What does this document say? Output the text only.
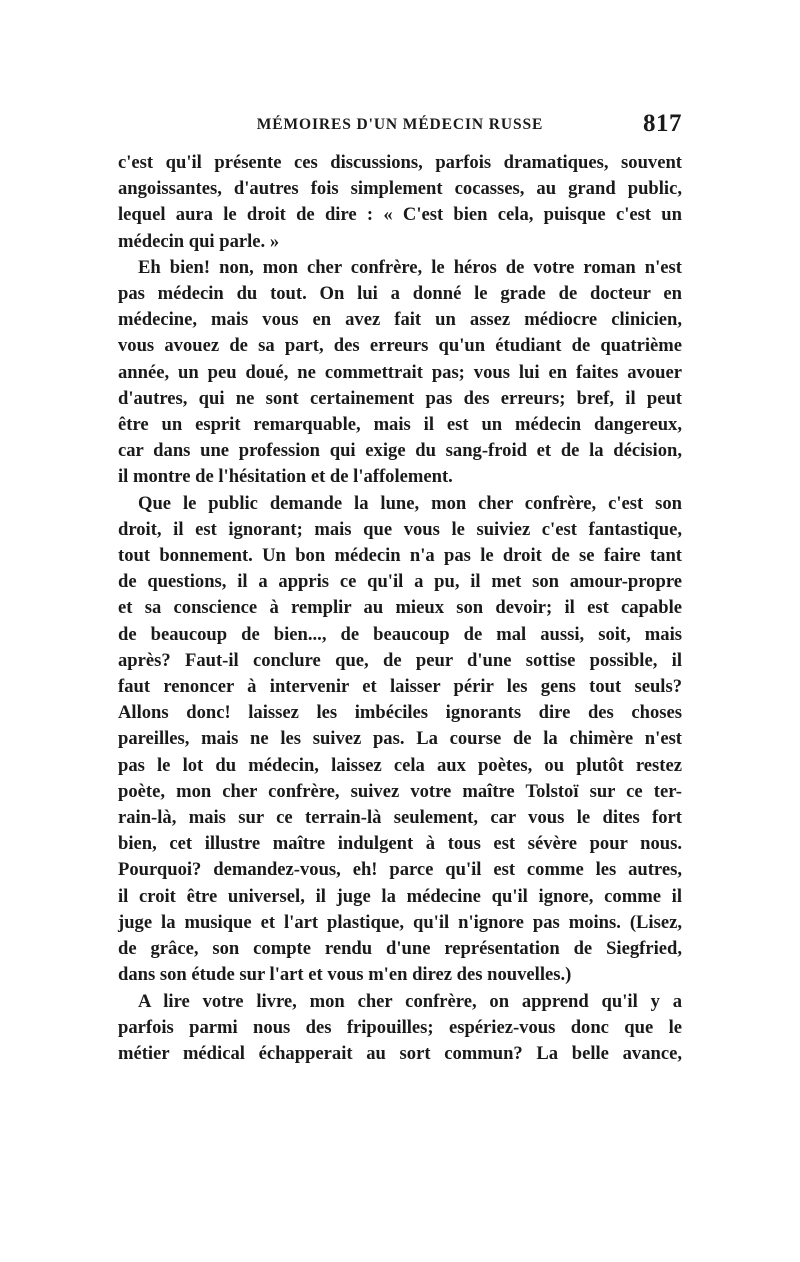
MÉMOIRES D'UN MÉDECIN RUSSE	817
c'est qu'il présente ces discussions, parfois dramatiques, souvent
angoissantes, d'autres fois simplement cocasses, au grand public,
lequel aura le droit de dire : « C'est bien cela, puisque c'est un
médecin qui parle. »
Eh bien! non, mon cher confrère, le héros de votre roman n'est
pas médecin du tout. On lui a donné le grade de docteur en
médecine, mais vous en avez fait un assez médiocre clinicien,
vous avouez de sa part, des erreurs qu'un étudiant de quatrième
année, un peu doué, ne commettrait pas; vous lui en faites avouer
d'autres, qui ne sont certainement pas des erreurs; bref, il peut
être un esprit remarquable, mais il est un médecin dangereux,
car dans une profession qui exige du sang-froid et de la décision,
il montre de l'hésitation et de l'affolement.
Que le public demande la lune, mon cher confrère, c'est son
droit, il est ignorant; mais que vous le suiviez c'est fantastique,
tout bonnement. Un bon médecin n'a pas le droit de se faire tant
de questions, il a appris ce qu'il a pu, il met son amour-propre
et sa conscience à remplir au mieux son devoir; il est capable
de beaucoup de bien..., de beaucoup de mal aussi, soit, mais
après? Faut-il conclure que, de peur d'une sottise possible, il
faut renoncer à intervenir et laisser périr les gens tout seuls?
Allons donc! laissez les imbéciles ignorants dire des choses
pareilles, mais ne les suivez pas. La course de la chimère n'est
pas le lot du médecin, laissez cela aux poètes, ou plutôt restez
poète, mon cher confrère, suivez votre maître Tolstoï sur ce ter-
rain-là, mais sur ce terrain-là seulement, car vous le dites fort
bien, cet illustre maître indulgent à tous est sévère pour nous.
Pourquoi? demandez-vous, eh! parce qu'il est comme les autres,
il croit être universel, il juge la médecine qu'il ignore, comme il
juge la musique et l'art plastique, qu'il n'ignore pas moins. (Lisez,
de grâce, son compte rendu d'une représentation de Siegfried,
dans son étude sur l'art et vous m'en direz des nouvelles.)
A lire votre livre, mon cher confrère, on apprend qu'il y a
parfois parmi nous des fripouilles; espériez-vous donc que le
métier médical échapperait au sort commun? La belle avance,
